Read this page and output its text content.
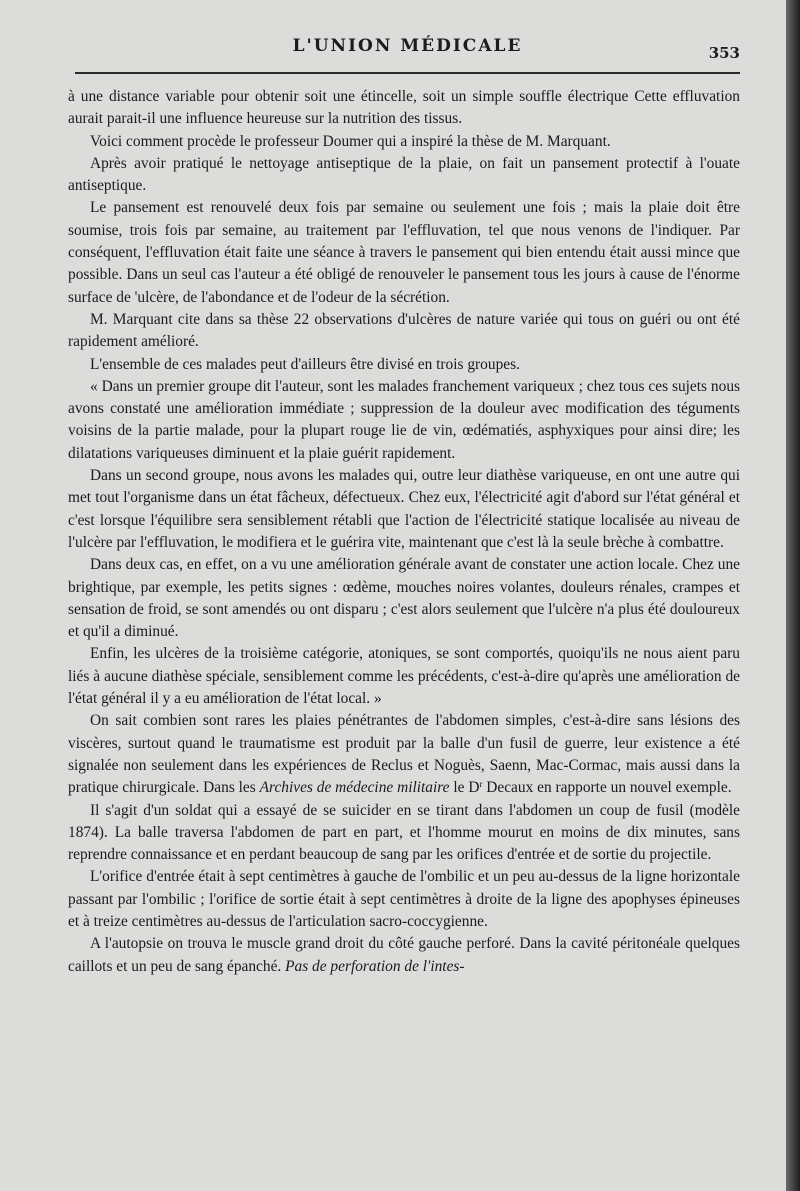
L'UNION MÉDICALE	353

à une distance variable pour obtenir soit une étincelle, soit un simple souffle électrique Cette effluvation aurait parait-il une influence heureuse sur la nutrition des tissus.

Voici comment procède le professeur Doumer qui a inspiré la thèse de M. Marquant.

Après avoir pratiqué le nettoyage antiseptique de la plaie, on fait un pansement protectif à l'ouate antiseptique.

Le pansement est renouvelé deux fois par semaine ou seulement une fois ; mais la plaie doit être soumise, trois fois par semaine, au traitement par l'effluvation, tel que nous venons de l'indiquer. Par conséquent, l'effluvation était faite une séance à travers le pansement qui bien entendu était aussi mince que possible. Dans un seul cas l'auteur a été obligé de renouveler le pansement tous les jours à cause de l'énorme surface de 'ulcère, de l'abondance et de l'odeur de la sécrétion.

M. Marquant cite dans sa thèse 22 observations d'ulcères de nature variée qui tous on guéri ou ont été rapidement amélioré.

L'ensemble de ces malades peut d'ailleurs être divisé en trois groupes.

« Dans un premier groupe dit l'auteur, sont les malades franchement variqueux ; chez tous ces sujets nous avons constaté une amélioration immédiate ; suppression de la douleur avec modification des téguments voisins de la partie malade, pour la plupart rouge lie de vin, œdématiés, asphyxiques pour ainsi dire; les dilatations variqueuses diminuent et la plaie guérit rapidement.

Dans un second groupe, nous avons les malades qui, outre leur diathèse variqueuse, en ont une autre qui met tout l'organisme dans un état fâcheux, défectueux. Chez eux, l'électricité agit d'abord sur l'état général et c'est lorsque l'équilibre sera sensiblement rétabli que l'action de l'électricité statique localisée au niveau de l'ulcère par l'effluvation, le modifiera et le guérira vite, maintenant que c'est là la seule brèche à combattre.

Dans deux cas, en effet, on a vu une amélioration générale avant de constater une action locale. Chez une brightique, par exemple, les petits signes : œdème, mouches noires volantes, douleurs rénales, crampes et sensation de froid, se sont amendés ou ont disparu ; c'est alors seulement que l'ulcère n'a plus été douloureux et qu'il a diminué.

Enfin, les ulcères de la troisième catégorie, atoniques, se sont comportés, quoiqu'ils ne nous aient paru liés à aucune diathèse spéciale, sensiblement comme les précédents, c'est-à-dire qu'après une amélioration de l'état général il y a eu amélioration de l'état local. »

On sait combien sont rares les plaies pénétrantes de l'abdomen simples, c'est-à-dire sans lésions des viscères, surtout quand le traumatisme est produit par la balle d'un fusil de guerre, leur existence a été signalée non seulement dans les expériences de Reclus et Noguès, Saenn, Mac-Cormac, mais aussi dans la pratique chirurgicale. Dans les Archives de médecine militaire le $D^r$ Decaux en rapporte un nouvel exemple.

Il s'agit d'un soldat qui a essayé de se suicider en se tirant dans l'abdomen un coup de fusil (modèle 1874). La balle traversa l'abdomen de part en part, et l'homme mourut en moins de dix minutes, sans reprendre connaissance et en perdant beaucoup de sang par les orifices d'entrée et de sortie du projectile.

L'orifice d'entrée était à sept centimètres à gauche de l'ombilic et un peu au-dessus de la ligne horizontale passant par l'ombilic ; l'orifice de sortie était à sept centimètres à droite de la ligne des apophyses épineuses et à treize centimètres au-dessus de l'articulation sacro-coccygienne.

A l'autopsie on trouva le muscle grand droit du côté gauche perforé. Dans la cavité péritonéale quelques caillots et un peu de sang épanché. Pas de perforation de l'intes-
